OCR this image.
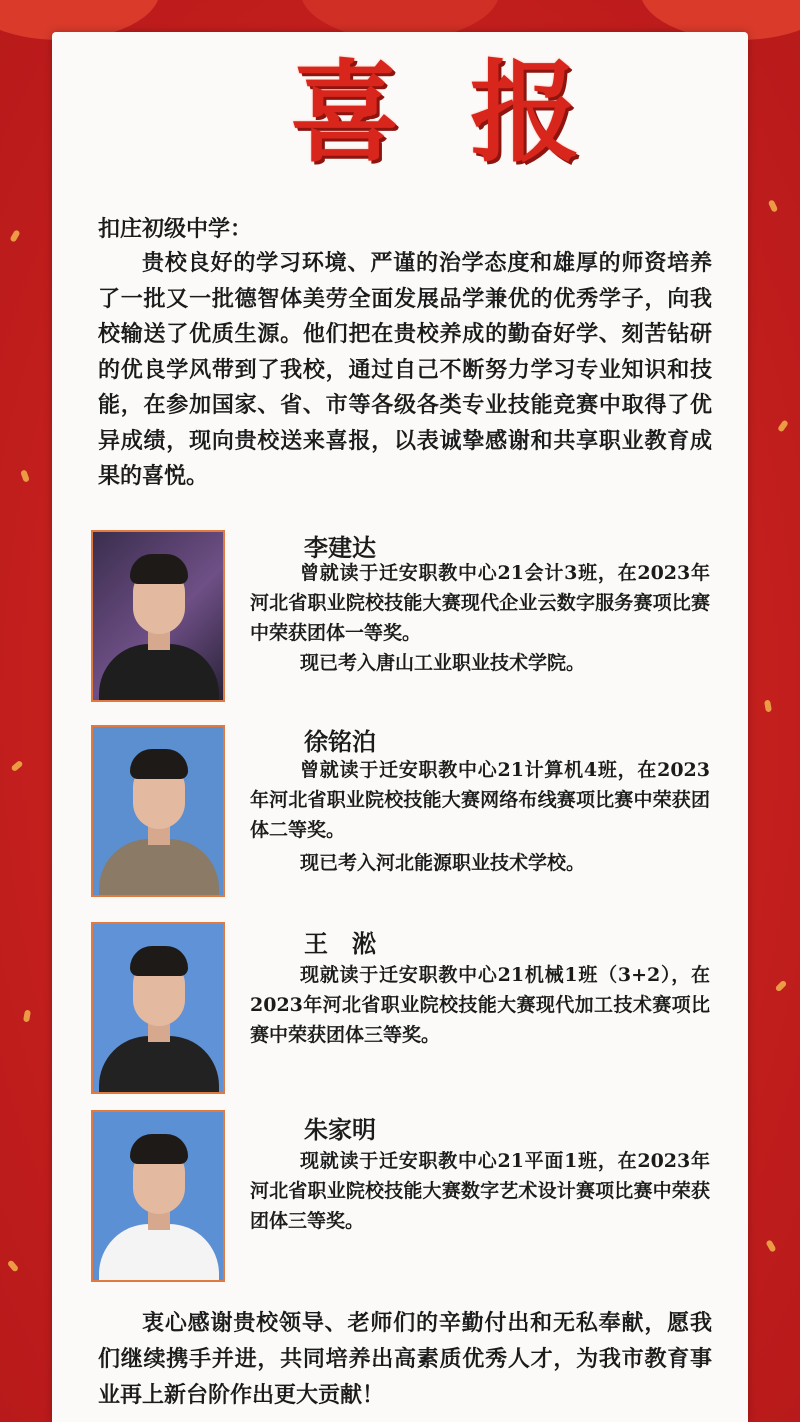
喜报
扣庄初级中学：
贵校良好的学习环境、严谨的治学态度和雄厚的师资培养了一批又一批德智体美劳全面发展品学兼优的优秀学子，向我校输送了优质生源。他们把在贵校养成的勤奋好学、刻苦钻研的优良学风带到了我校，通过自己不断努力学习专业知识和技能，在参加国家、省、市等各级各类专业技能竞赛中取得了优异成绩，现向贵校送来喜报，以表诚挚感谢和共享职业教育成果的喜悦。
李建达
曾就读于迁安职教中心21会计3班，在2023年河北省职业院校技能大赛现代企业云数字服务赛项比赛中荣获团体一等奖。
现已考入唐山工业职业技术学院。
徐铭泊
曾就读于迁安职教中心21计算机4班，在2023年河北省职业院校技能大赛网络布线赛项比赛中荣获团体二等奖。
现已考入河北能源职业技术学校。
王　淞
现就读于迁安职教中心21机械1班（3+2），在2023年河北省职业院校技能大赛现代加工技术赛项比赛中荣获团体三等奖。
朱家明
现就读于迁安职教中心21平面1班，在2023年河北省职业院校技能大赛数字艺术设计赛项比赛中荣获团体三等奖。
衷心感谢贵校领导、老师们的辛勤付出和无私奉献，愿我们继续携手并进，共同培养出高素质优秀人才，为我市教育事业再上新台阶作出更大贡献！
